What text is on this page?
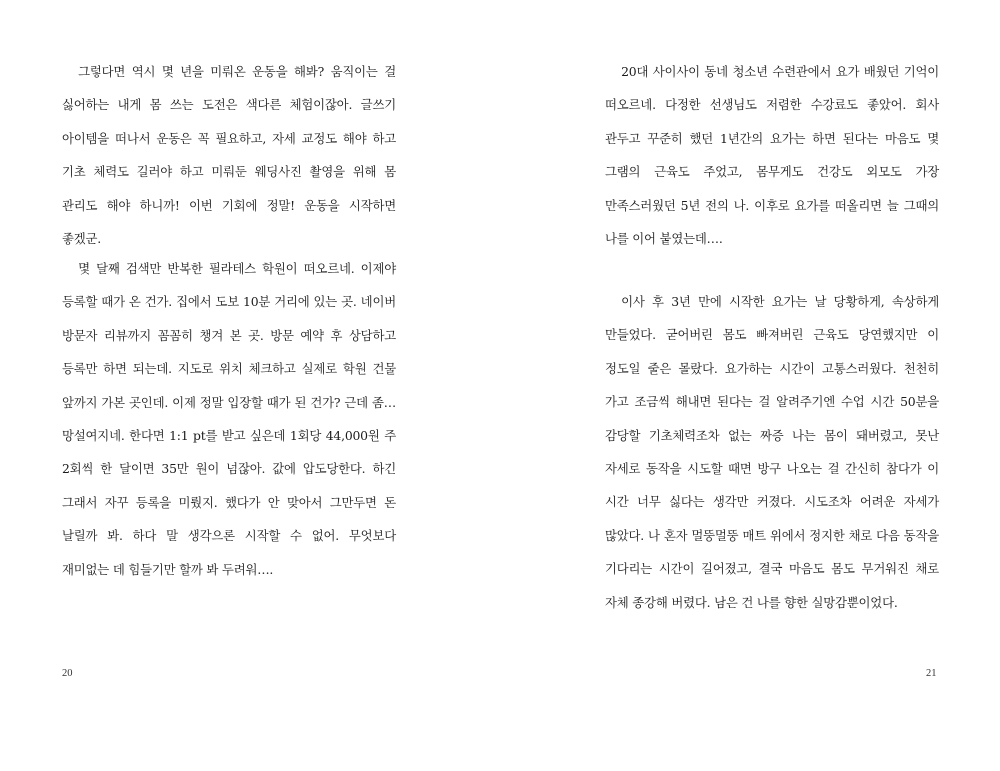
그렇다면 역시 몇 년을 미뤄온 운동을 해봐? 움직이는 걸 싫어하는 내게 몸 쓰는 도전은 색다른 체험이잖아. 글쓰기 아이템을 떠나서 운동은 꼭 필요하고, 자세 교정도 해야 하고 기초 체력도 길러야 하고 미뤄둔 웨딩사진 촬영을 위해 몸 관리도 해야 하니까! 이번 기회에 정말! 운동을 시작하면 좋겠군.

몇 달째 검색만 반복한 필라테스 학원이 떠오르네. 이제야 등록할 때가 온 건가. 집에서 도보 10분 거리에 있는 곳. 네이버 방문자 리뷰까지 꼼꼼히 챙겨 본 곳. 방문 예약 후 상담하고 등록만 하면 되는데. 지도로 위치 체크하고 실제로 학원 건물 앞까지 가본 곳인데. 이제 정말 입장할 때가 된 건가? 근데 좀… 망설여지네. 한다면 1:1 pt를 받고 싶은데 1회당 44,000원 주 2회씩 한 달이면 35만 원이 넘잖아. 값에 압도당한다. 하긴 그래서 자꾸 등록을 미뤘지. 했다가 안 맞아서 그만두면 돈 날릴까 봐. 하다 말 생각으론 시작할 수 없어. 무엇보다 재미없는 데 힘들기만 할까 봐 두려워….

20

20대 사이사이 동네 청소년 수련관에서 요가 배웠던 기억이 떠오르네. 다정한 선생님도 저렴한 수강료도 좋았어. 회사 관두고 꾸준히 했던 1년간의 요가는 하면 된다는 마음도 몇 그램의 근육도 주었고, 몸무게도 건강도 외모도 가장 만족스러웠던 5년 전의 나. 이후로 요가를 떠올리면 늘 그때의 나를 이어 붙였는데….

이사 후 3년 만에 시작한 요가는 날 당황하게, 속상하게 만들었다. 굳어버린 몸도 빠져버린 근육도 당연했지만 이 정도일 줄은 몰랐다. 요가하는 시간이 고통스러웠다. 천천히 가고 조금씩 해내면 된다는 걸 알려주기엔 수업 시간 50분을 감당할 기초체력조차 없는 짜증 나는 몸이 돼버렸고, 못난 자세로 동작을 시도할 때면 방구 나오는 걸 간신히 참다가 이 시간 너무 싫다는 생각만 커졌다. 시도조차 어려운 자세가 많았다. 나 혼자 멀뚱멀뚱 매트 위에서 정지한 채로 다음 동작을 기다리는 시간이 길어졌고, 결국 마음도 몸도 무거워진 채로 자체 종강해 버렸다. 남은 건 나를 향한 실망감뿐이었다.

21
